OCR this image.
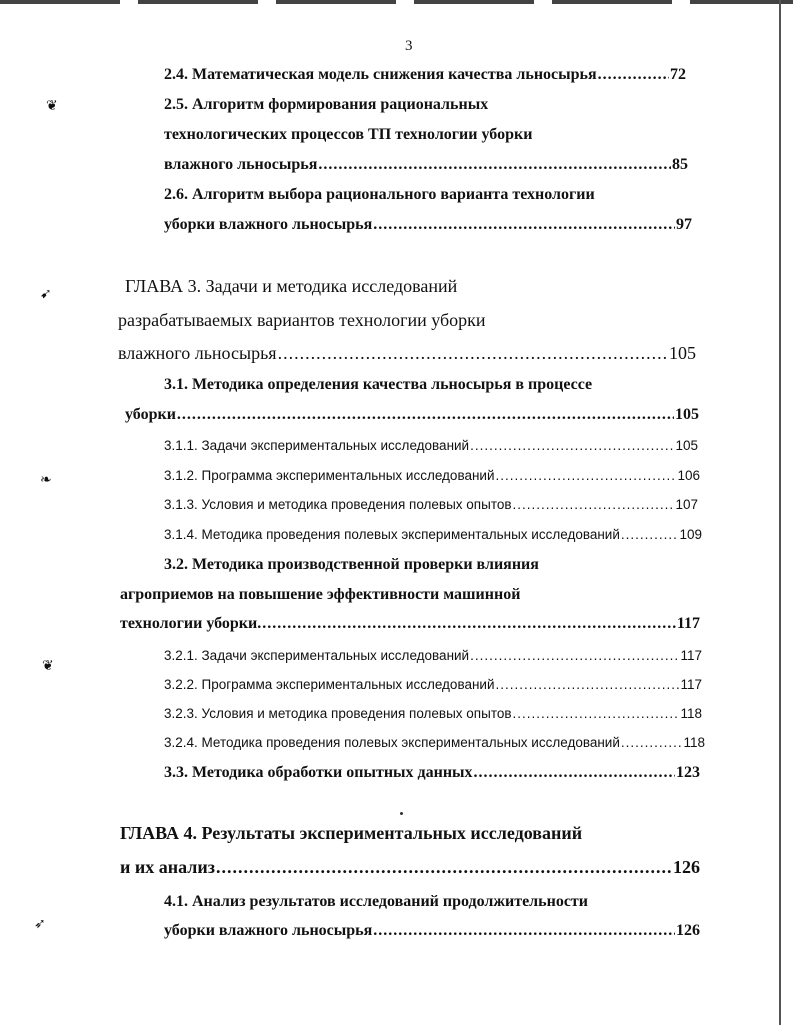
❦
➹
❧
❦
➶
3
2.4. Математическая модель снижения качества льносырья .....	72
2.5. Алгоритм формирования рациональных
технологических процессов ТП технологии уборки
влажного льносырья .....	85
2.6. Алгоритм выбора рационального варианта технологии
уборки влажного льносырья .....	97
ГЛАВА 3. Задачи и методика исследований
разрабатываемых вариантов технологии уборки
влажного льносырья .....	105
3.1. Методика определения качества льносырья в процессе
уборки .....	105
3.1.1. Задачи экспериментальных исследований .....	105
3.1.2. Программа экспериментальных исследований .....	106
3.1.3. Условия и методика проведения полевых опытов .....	107
3.1.4. Методика проведения полевых экспериментальных исследований .....	109
3.2. Методика производственной проверки влияния
агроприемов на повышение эффективности машинной
технологии уборки. .....	117
3.2.1. Задачи экспериментальных исследований .....	117
3.2.2. Программа экспериментальных исследований .....	117
3.2.3. Условия и методика проведения полевых опытов .....	118
3.2.4. Методика проведения полевых экспериментальных исследований .....	118
3.3. Методика обработки опытных данных .....	123
ГЛАВА 4. Результаты экспериментальных исследований
и их анализ .....	126
4.1. Анализ результатов исследований продолжительности
уборки влажного льносырья .....	126
